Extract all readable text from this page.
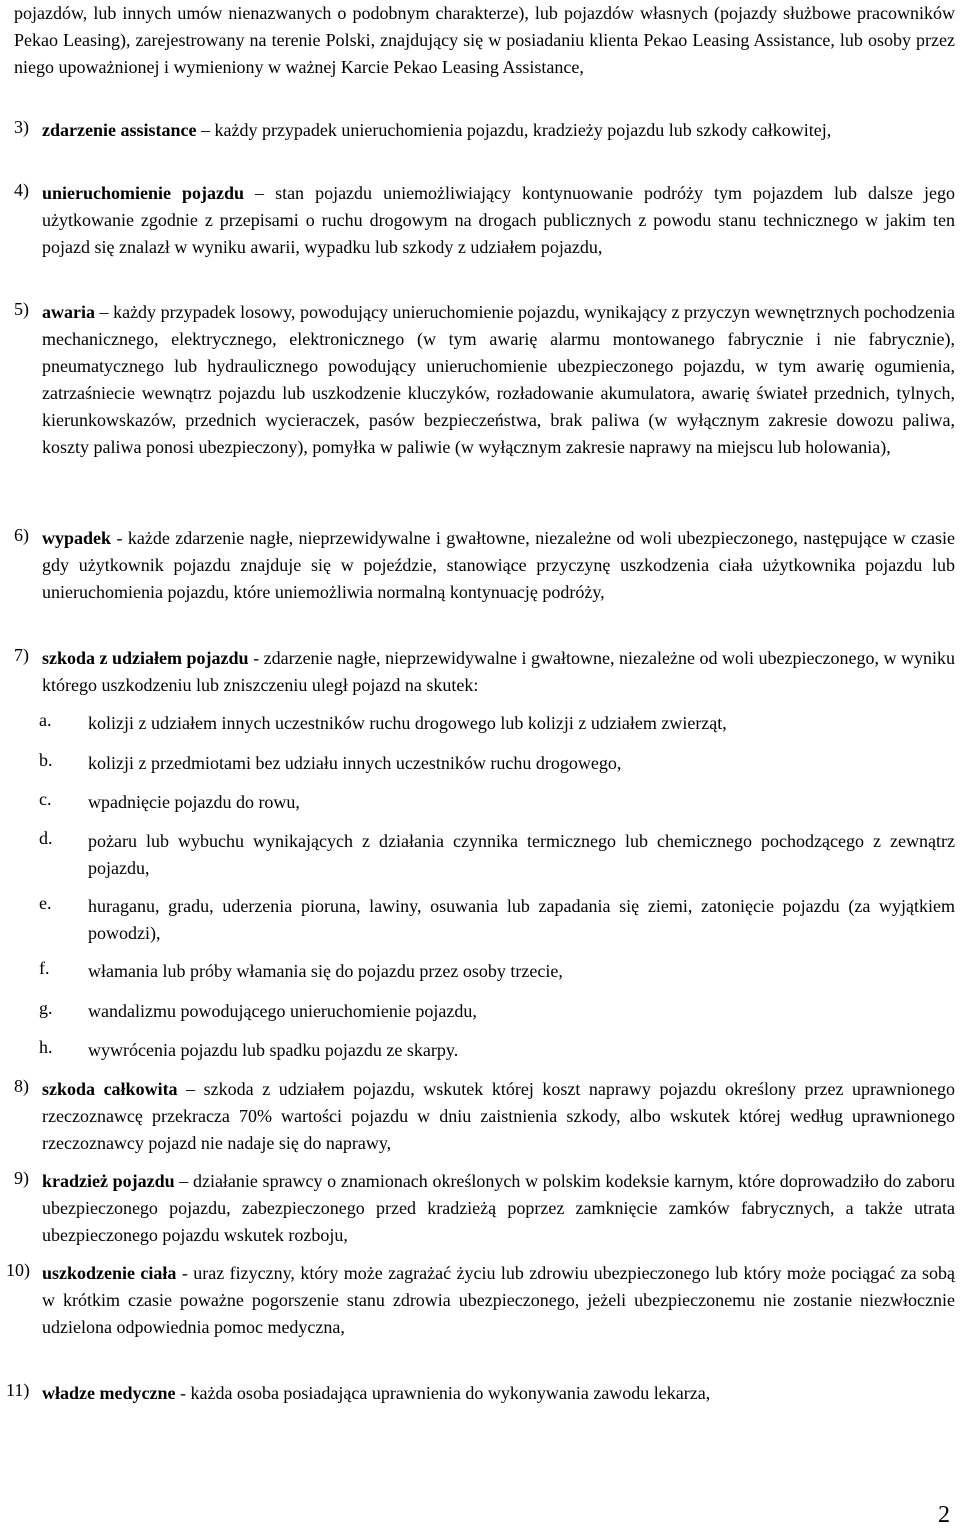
pojazdów, lub innych umów nienazwanych o podobnym charakterze), lub pojazdów własnych (pojazdy służbowe pracowników Pekao Leasing), zarejestrowany na terenie Polski, znajdujący się w posiadaniu klienta Pekao Leasing Assistance, lub osoby przez niego upoważnionej i wymieniony w ważnej Karcie Pekao Leasing Assistance,

3) zdarzenie assistance – każdy przypadek unieruchomienia pojazdu, kradzieży pojazdu lub szkody całkowitej,

4) unieruchomienie pojazdu – stan pojazdu uniemożliwiający kontynuowanie podróży tym pojazdem lub dalsze jego użytkowanie zgodnie z przepisami o ruchu drogowym na drogach publicznych z powodu stanu technicznego w jakim ten pojazd się znalazł w wyniku awarii, wypadku lub szkody z udziałem pojazdu,

5) awaria – każdy przypadek losowy, powodujący unieruchomienie pojazdu, wynikający z przyczyn wewnętrznych pochodzenia mechanicznego, elektrycznego, elektronicznego (w tym awarię alarmu montowanego fabrycznie i nie fabrycznie), pneumatycznego lub hydraulicznego powodujący unieruchomienie ubezpieczonego pojazdu, w tym awarię ogumienia, zatrzaśniecie wewnątrz pojazdu lub uszkodzenie kluczyków, rozładowanie akumulatora, awarię świateł przednich, tylnych, kierunkowskazów, przednich wycieraczek, pasów bezpieczeństwa, brak paliwa (w wyłącznym zakresie dowozu paliwa, koszty paliwa ponosi ubezpieczony), pomyłka w paliwie (w wyłącznym zakresie naprawy na miejscu lub holowania),

6) wypadek - każde zdarzenie nagłe, nieprzewidywalne i gwałtowne, niezależne od woli ubezpieczonego, następujące w czasie gdy użytkownik pojazdu znajduje się w pojeździe, stanowiące przyczynę uszkodzenia ciała użytkownika pojazdu lub unieruchomienia pojazdu, które uniemożliwia normalną kontynuację podróży,

7) szkoda z udziałem pojazdu - zdarzenie nagłe, nieprzewidywalne i gwałtowne, niezależne od woli ubezpieczonego, w wyniku którego uszkodzeniu lub zniszczeniu uległ pojazd na skutek:

a. kolizji z udziałem innych uczestników ruchu drogowego lub kolizji z udziałem zwierząt,

b. kolizji z przedmiotami bez udziału innych uczestników ruchu drogowego,

c. wpadnięcie pojazdu do rowu,

d. pożaru lub wybuchu wynikających z działania czynnika termicznego lub chemicznego pochodzącego z zewnątrz pojazdu,

e. huraganu, gradu, uderzenia pioruna, lawiny, osuwania lub zapadania się ziemi, zatonięcie pojazdu (za wyjątkiem powodzi),

f. włamania lub próby włamania się do pojazdu przez osoby trzecie,

g. wandalizmu powodującego unieruchomienie pojazdu,

h. wywrócenia pojazdu lub spadku pojazdu ze skarpy.

8) szkoda całkowita – szkoda z udziałem pojazdu, wskutek której koszt naprawy pojazdu określony przez uprawnionego rzeczoznawcę przekracza 70% wartości pojazdu w dniu zaistnienia szkody, albo wskutek której według uprawnionego rzeczoznawcy pojazd nie nadaje się do naprawy,

9) kradzież pojazdu – działanie sprawcy o znamionach określonych w polskim kodeksie karnym, które doprowadziło do zaboru ubezpieczonego pojazdu, zabezpieczonego przed kradzieżą poprzez zamknięcie zamków fabrycznych, a także utrata ubezpieczonego pojazdu wskutek rozboju,

10) uszkodzenie ciała - uraz fizyczny, który może zagrażać życiu lub zdrowiu ubezpieczonego lub który może pociągać za sobą w krótkim czasie poważne pogorszenie stanu zdrowia ubezpieczonego, jeżeli ubezpieczonemu nie zostanie niezwłocznie udzielona odpowiednia pomoc medyczna,

11) władze medyczne - każda osoba posiadająca uprawnienia do wykonywania zawodu lekarza,

2
